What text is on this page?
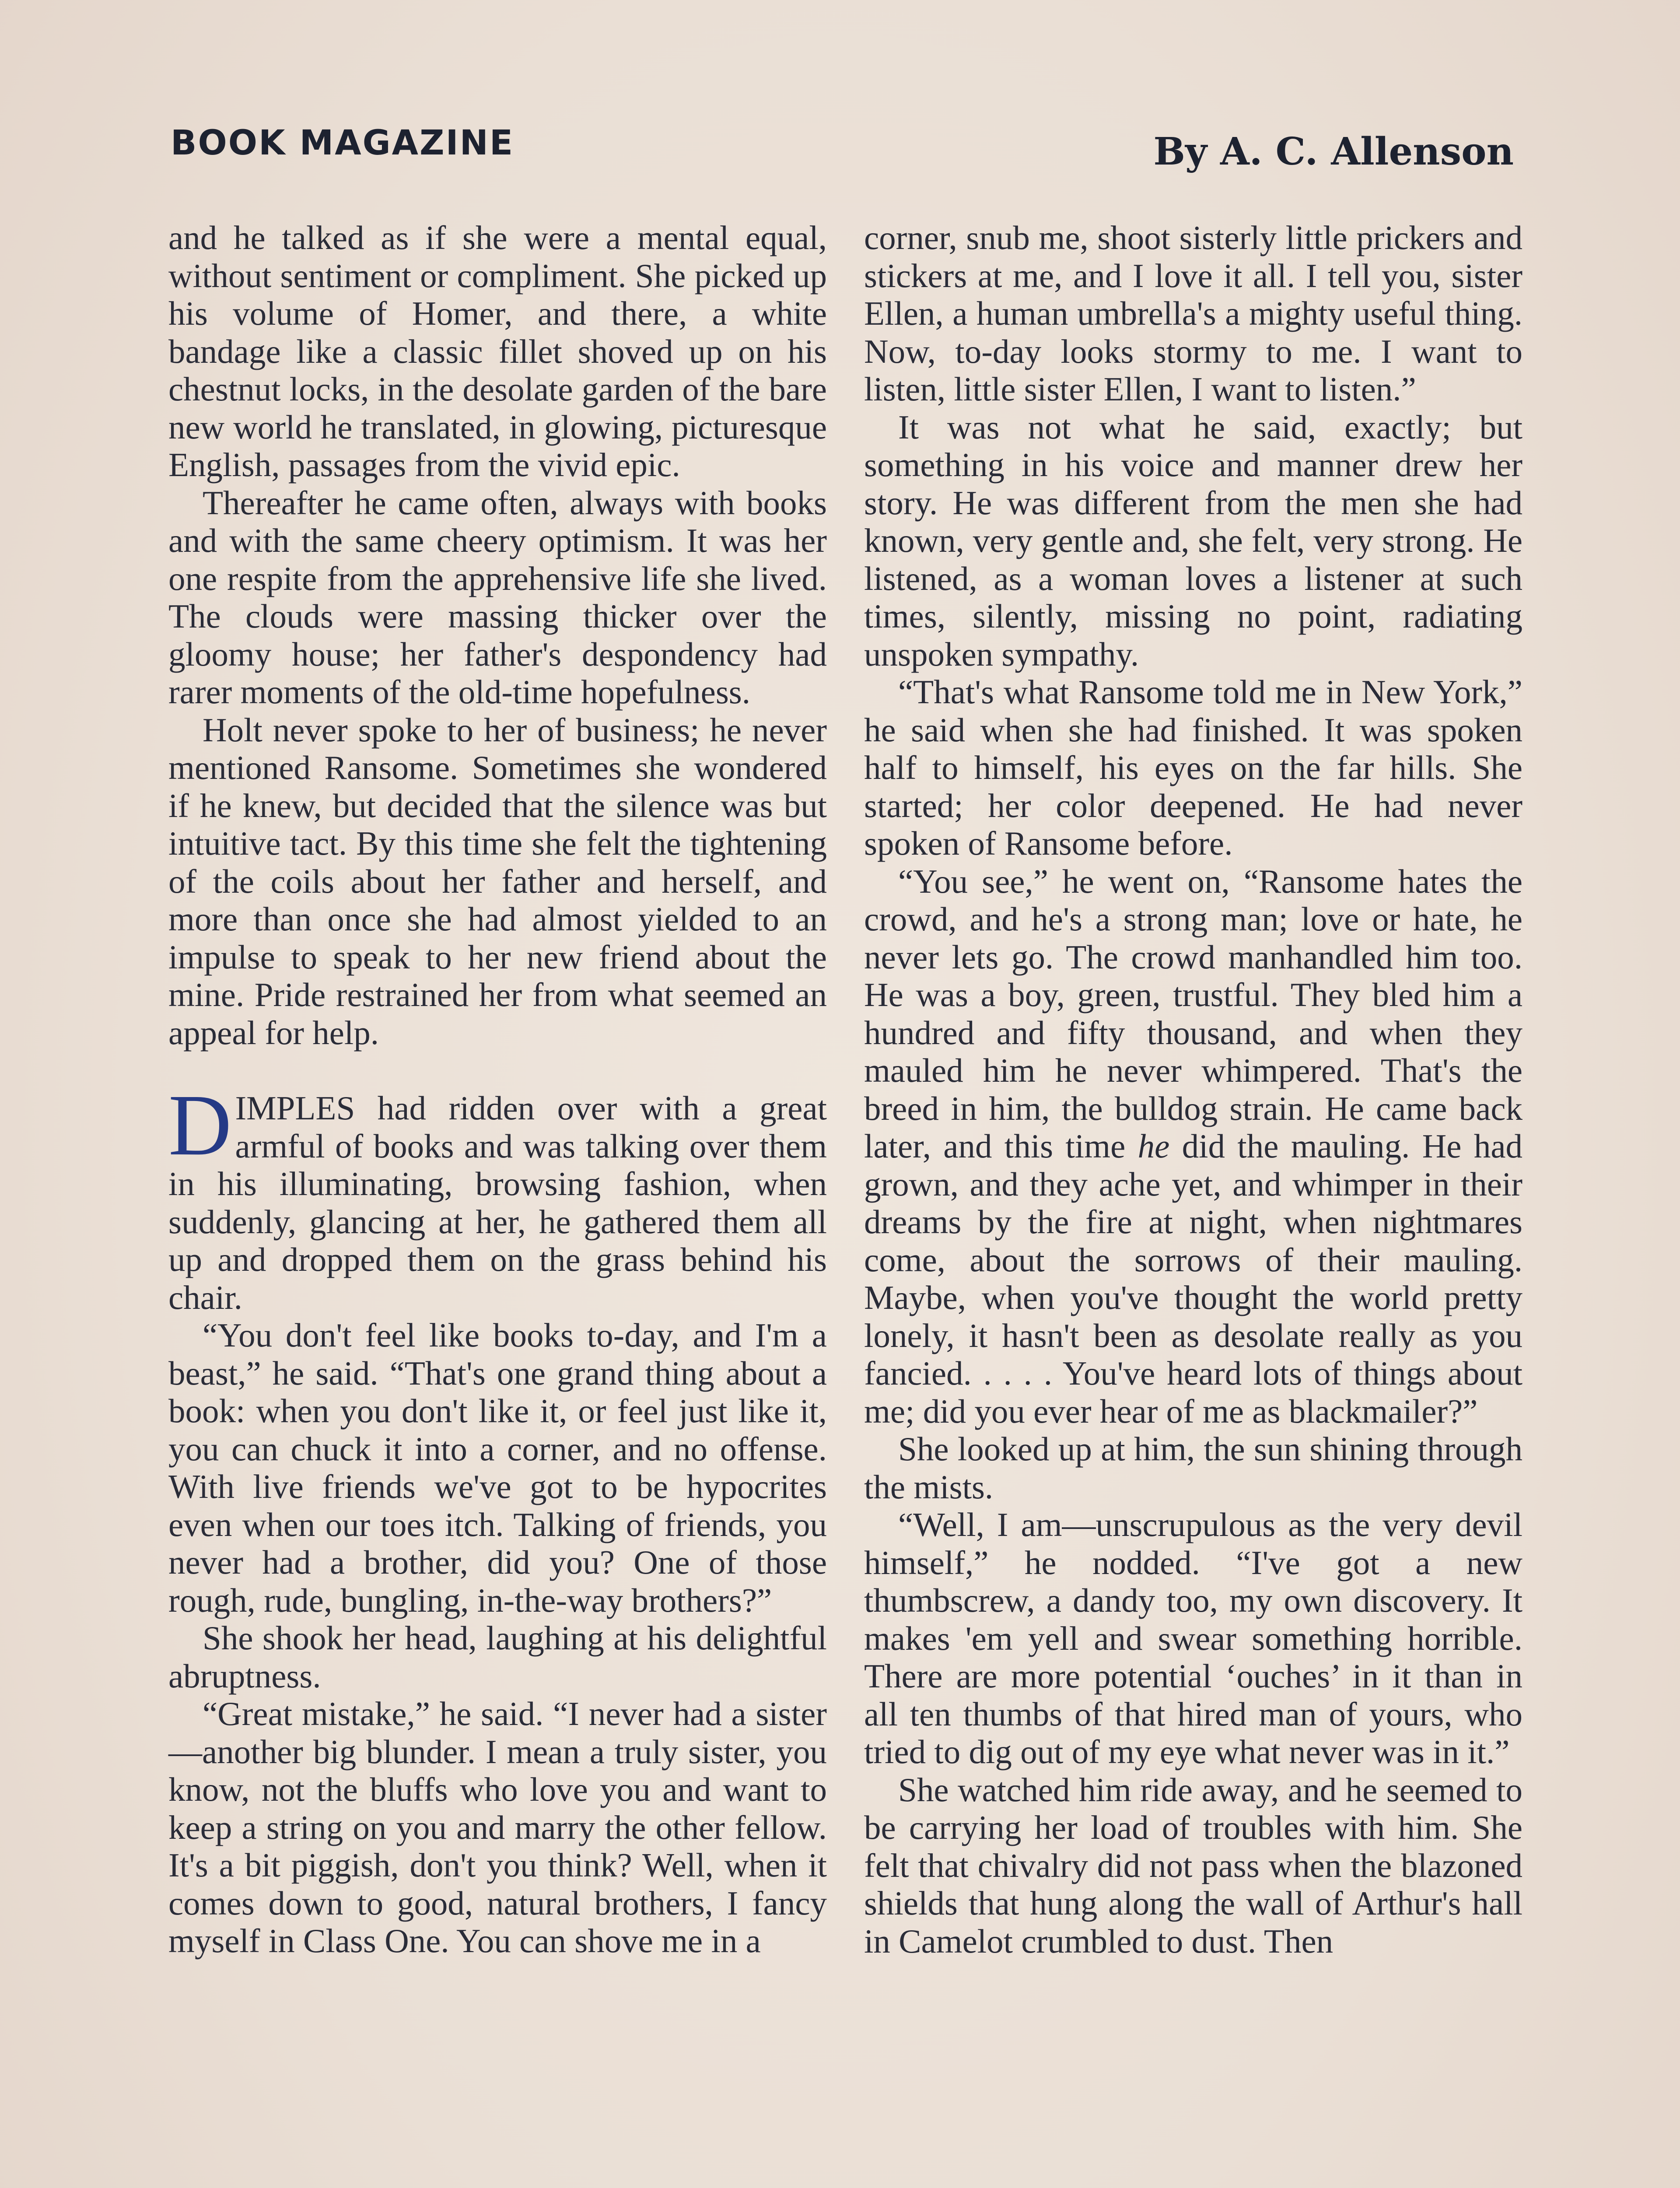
BOOK MAGAZINE	By A. C. Allenson

and he talked as if she were a mental equal, without sentiment or compliment. She picked up his volume of Homer, and there, a white bandage like a classic fillet shoved up on his chestnut locks, in the desolate garden of the bare new world he translated, in glowing, picturesque English, passages from the vivid epic.

Thereafter he came often, always with books and with the same cheery optimism. It was her one respite from the apprehensive life she lived. The clouds were massing thicker over the gloomy house; her father's despondency had rarer moments of the old-time hopefulness.

Holt never spoke to her of business; he never mentioned Ransome. Sometimes she wondered if he knew, but decided that the silence was but intuitive tact. By this time she felt the tightening of the coils about her father and herself, and more than once she had almost yielded to an impulse to speak to her new friend about the mine. Pride restrained her from what seemed an appeal for help.

DIMPLES had ridden over with a great armful of books and was talking over them in his illuminating, browsing fashion, when suddenly, glancing at her, he gathered them all up and dropped them on the grass behind his chair.

“You don't feel like books to-day, and I'm a beast,” he said. “That's one grand thing about a book: when you don't like it, or feel just like it, you can chuck it into a corner, and no offense. With live friends we've got to be hypocrites even when our toes itch. Talking of friends, you never had a brother, did you? One of those rough, rude, bungling, in-the-way brothers?”

She shook her head, laughing at his delightful abruptness.

“Great mistake,” he said. “I never had a sister—another big blunder. I mean a truly sister, you know, not the bluffs who love you and want to keep a string on you and marry the other fellow. It's a bit piggish, don't you think? Well, when it comes down to good, natural brothers, I fancy myself in Class One. You can shove me in a

corner, snub me, shoot sisterly little prickers and stickers at me, and I love it all. I tell you, sister Ellen, a human umbrella's a mighty useful thing. Now, to-day looks stormy to me. I want to listen, little sister Ellen, I want to listen.”

It was not what he said, exactly; but something in his voice and manner drew her story. He was different from the men she had known, very gentle and, she felt, very strong. He listened, as a woman loves a listener at such times, silently, missing no point, radiating unspoken sympathy.

“That's what Ransome told me in New York,” he said when she had finished. It was spoken half to himself, his eyes on the far hills. She started; her color deepened. He had never spoken of Ransome before.

“You see,” he went on, “Ransome hates the crowd, and he's a strong man; love or hate, he never lets go. The crowd manhandled him too. He was a boy, green, trustful. They bled him a hundred and fifty thousand, and when they mauled him he never whimpered. That's the breed in him, the bulldog strain. He came back later, and this time he did the mauling. He had grown, and they ache yet, and whimper in their dreams by the fire at night, when nightmares come, about the sorrows of their mauling. Maybe, when you've thought the world pretty lonely, it hasn't been as desolate really as you fancied. . . . . You've heard lots of things about me; did you ever hear of me as blackmailer?”

She looked up at him, the sun shining through the mists.

“Well, I am—unscrupulous as the very devil himself,” he nodded. “I've got a new thumbscrew, a dandy too, my own discovery. It makes 'em yell and swear something horrible. There are more potential ‘ouches’ in it than in all ten thumbs of that hired man of yours, who tried to dig out of my eye what never was in it.”

She watched him ride away, and he seemed to be carrying her load of troubles with him. She felt that chivalry did not pass when the blazoned shields that hung along the wall of Arthur's hall in Camelot crumbled to dust. Then
